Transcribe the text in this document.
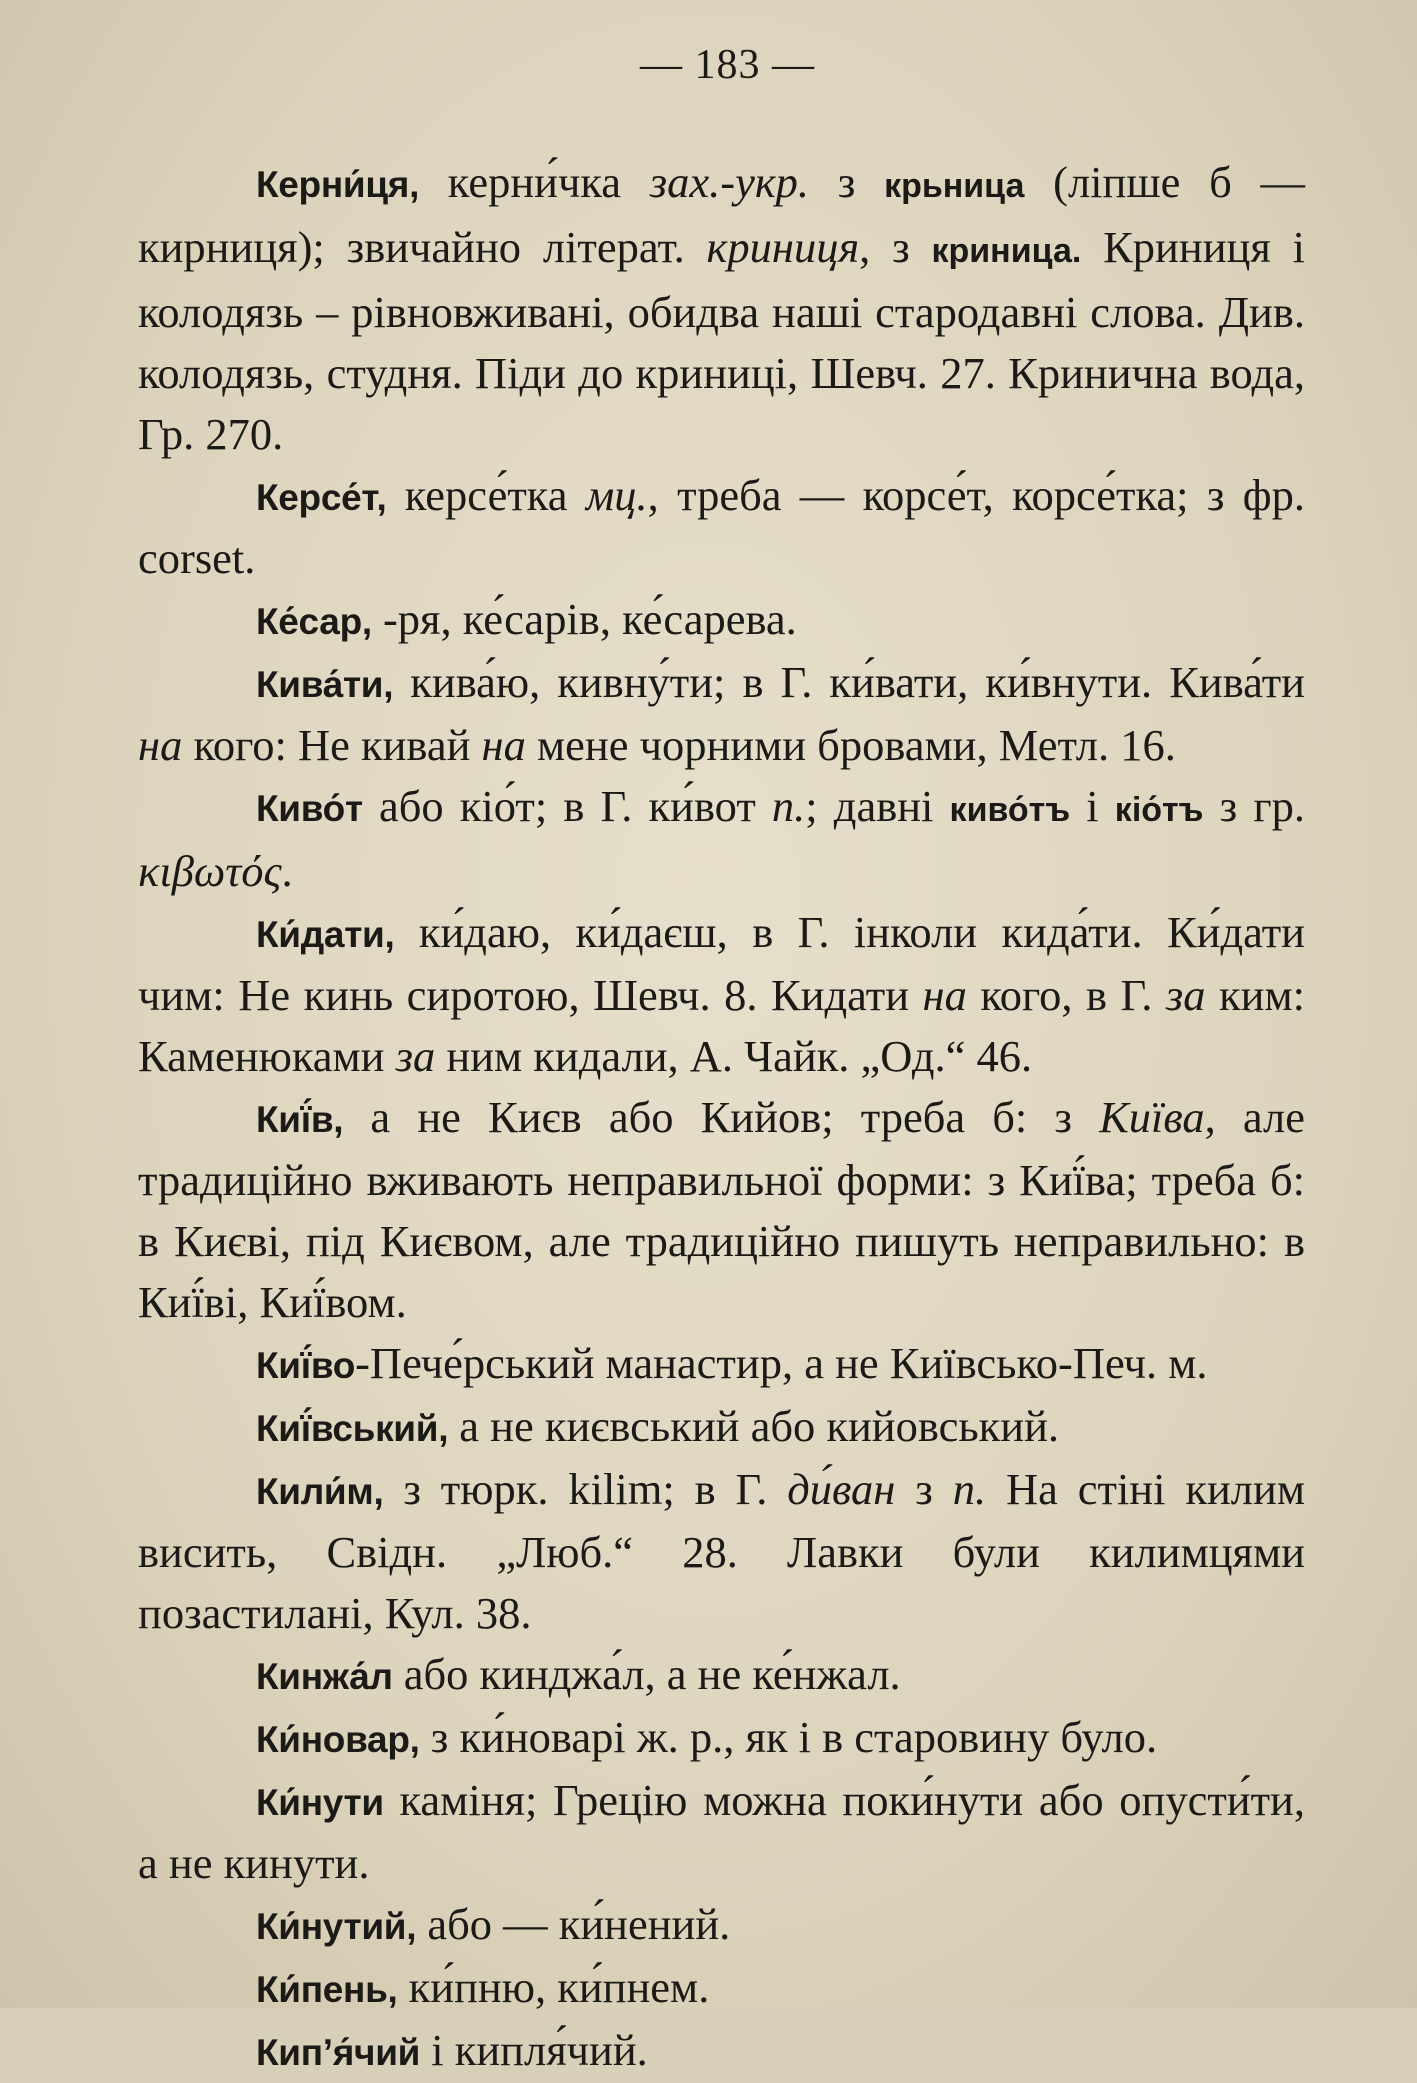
— 183 —

Керни́ця, керни́чка зах.-укр. з крьница (ліпше б — кирниця); звичайно літерат. криниця, з криница. Криниця і колодязь – рівновживані, обидва наші стародавні слова. Див. колодязь, студня. Піди до криниці, Шевч. 27. Кринична вода, Гр. 270.

Керсе́т, керсе́тка мц., треба — корсе́т, корсе́тка; з фр. corset.

Ке́сар, -ря, ке́сарів, ке́сарева.

Кива́ти, кива́ю, кивну́ти; в Г. ки́вати, ки́внути. Кива́ти на кого: Не кивай на мене чорними бровами, Метл. 16.

Киво́т або кіо́т; в Г. ки́вот п.; давні киво́тъ і кіо́тъ з гр. κιβωτός.

Ки́дати, ки́даю, ки́даєш, в Г. інколи кида́ти. Ки́дати чим: Не кинь сиротою, Шевч. 8. Кидати на кого, в Г. за ким: Каменюками за ним кидали, А. Чайк. „Од.“ 46.

Киї́в, а не Києв або Кийов; треба б: з Київа, але традиційно вживають неправильної форми: з Киї́ва; треба б: в Києві, під Києвом, але традиційно пишуть неправильно: в Киї́ві, Киї́вом.

Киї́во-Пече́рський манастир, а не Київсько-Печ. м.

Киї́вський, а не києвський або кийовський.

Кили́м, з тюрк. kilim; в Г. ди́ван з п. На стіні килим висить, Свідн. „Люб.“ 28. Лавки були килимцями позастилані, Кул. 38.

Кинжа́л або кинджа́л, а не ке́нжал.

Ки́новар, з ки́новарі ж. р., як і в старовину було.

Ки́нути каміня; Грецію можна поки́нути або опусти́ти, а не кинути.

Ки́нутий, або — ки́нений.

Ки́пень, ки́пню, ки́пнем.

Кип’я́чий і кипля́чий.
